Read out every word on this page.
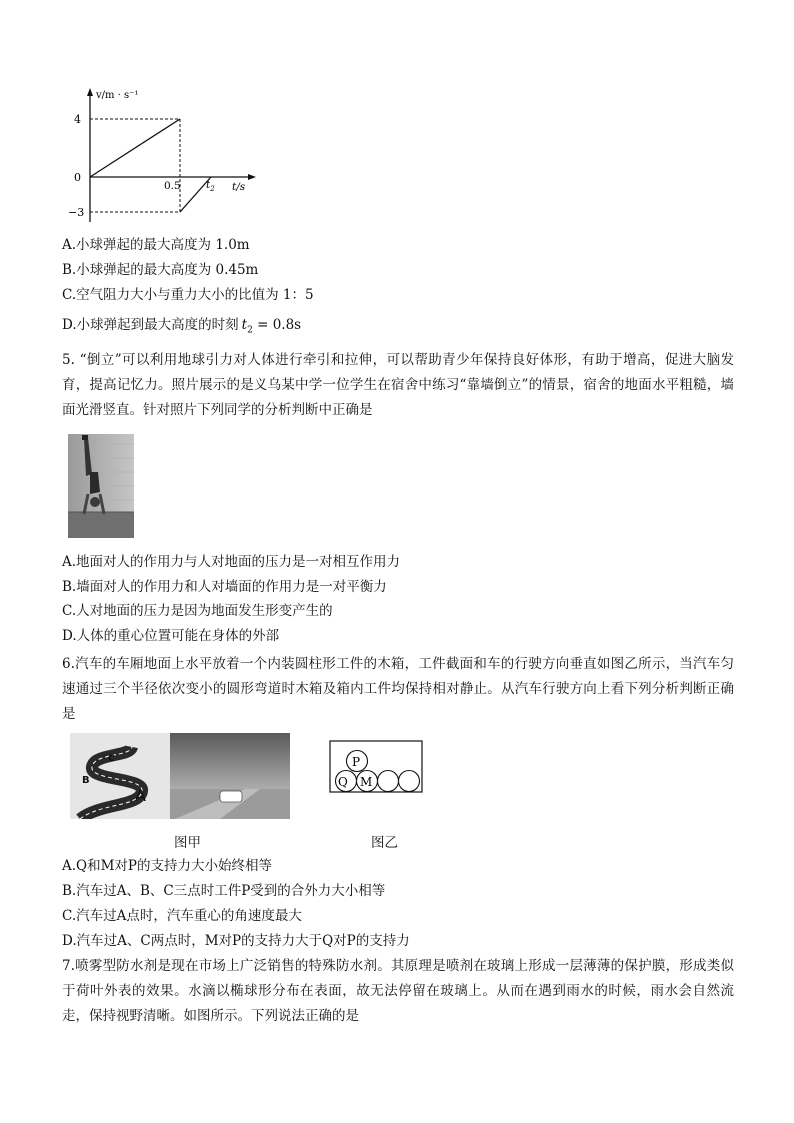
v/m · s⁻¹
4
0
−3
0.5 $t_2$ t/s
A.小球弹起的最大高度为 1.0m
B.小球弹起的最大高度为 0.45m
C.空气阻力大小与重力大小的比值为 1：5
D.小球弹起到最大高度的时刻 $t_2 = 0.8s$
5. “倒立”可以利用地球引力对人体进行牵引和拉伸，可以帮助青少年保持良好体形，有助于增高，促进大脑发育，提高记忆力。照片展示的是义乌某中学一位学生在宿舍中练习“靠墙倒立”的情景，宿舍的地面水平粗糙，墙面光滑竖直。针对照片下列同学的分析判断中正确是
A.地面对人的作用力与人对地面的压力是一对相互作用力
B.墙面对人的作用力和人对墙面的作用力是一对平衡力
C.人对地面的压力是因为地面发生形变产生的
D.人体的重心位置可能在身体的外部
6.汽车的车厢地面上水平放着一个内装圆柱形工件的木箱，工件截面和车的行驶方向垂直如图乙所示，当汽车匀速通过三个半径依次变小的圆形弯道时木箱及箱内工件均保持相对静止。从汽车行驶方向上看下列分析判断正确是
A
B
C	P
Q M
图甲	图乙
A.Q和M对P的支持力大小始终相等
B.汽车过A、B、C三点时工件P受到的合外力大小相等
C.汽车过A点时，汽车重心的角速度最大
D.汽车过A、C两点时，M对P的支持力大于Q对P的支持力
7.喷雾型防水剂是现在市场上广泛销售的特殊防水剂。其原理是喷剂在玻璃上形成一层薄薄的保护膜，形成类似于荷叶外表的效果。水滴以椭球形分布在表面，故无法停留在玻璃上。从而在遇到雨水的时候，雨水会自然流走，保持视野清晰。如图所示。下列说法正确的是
